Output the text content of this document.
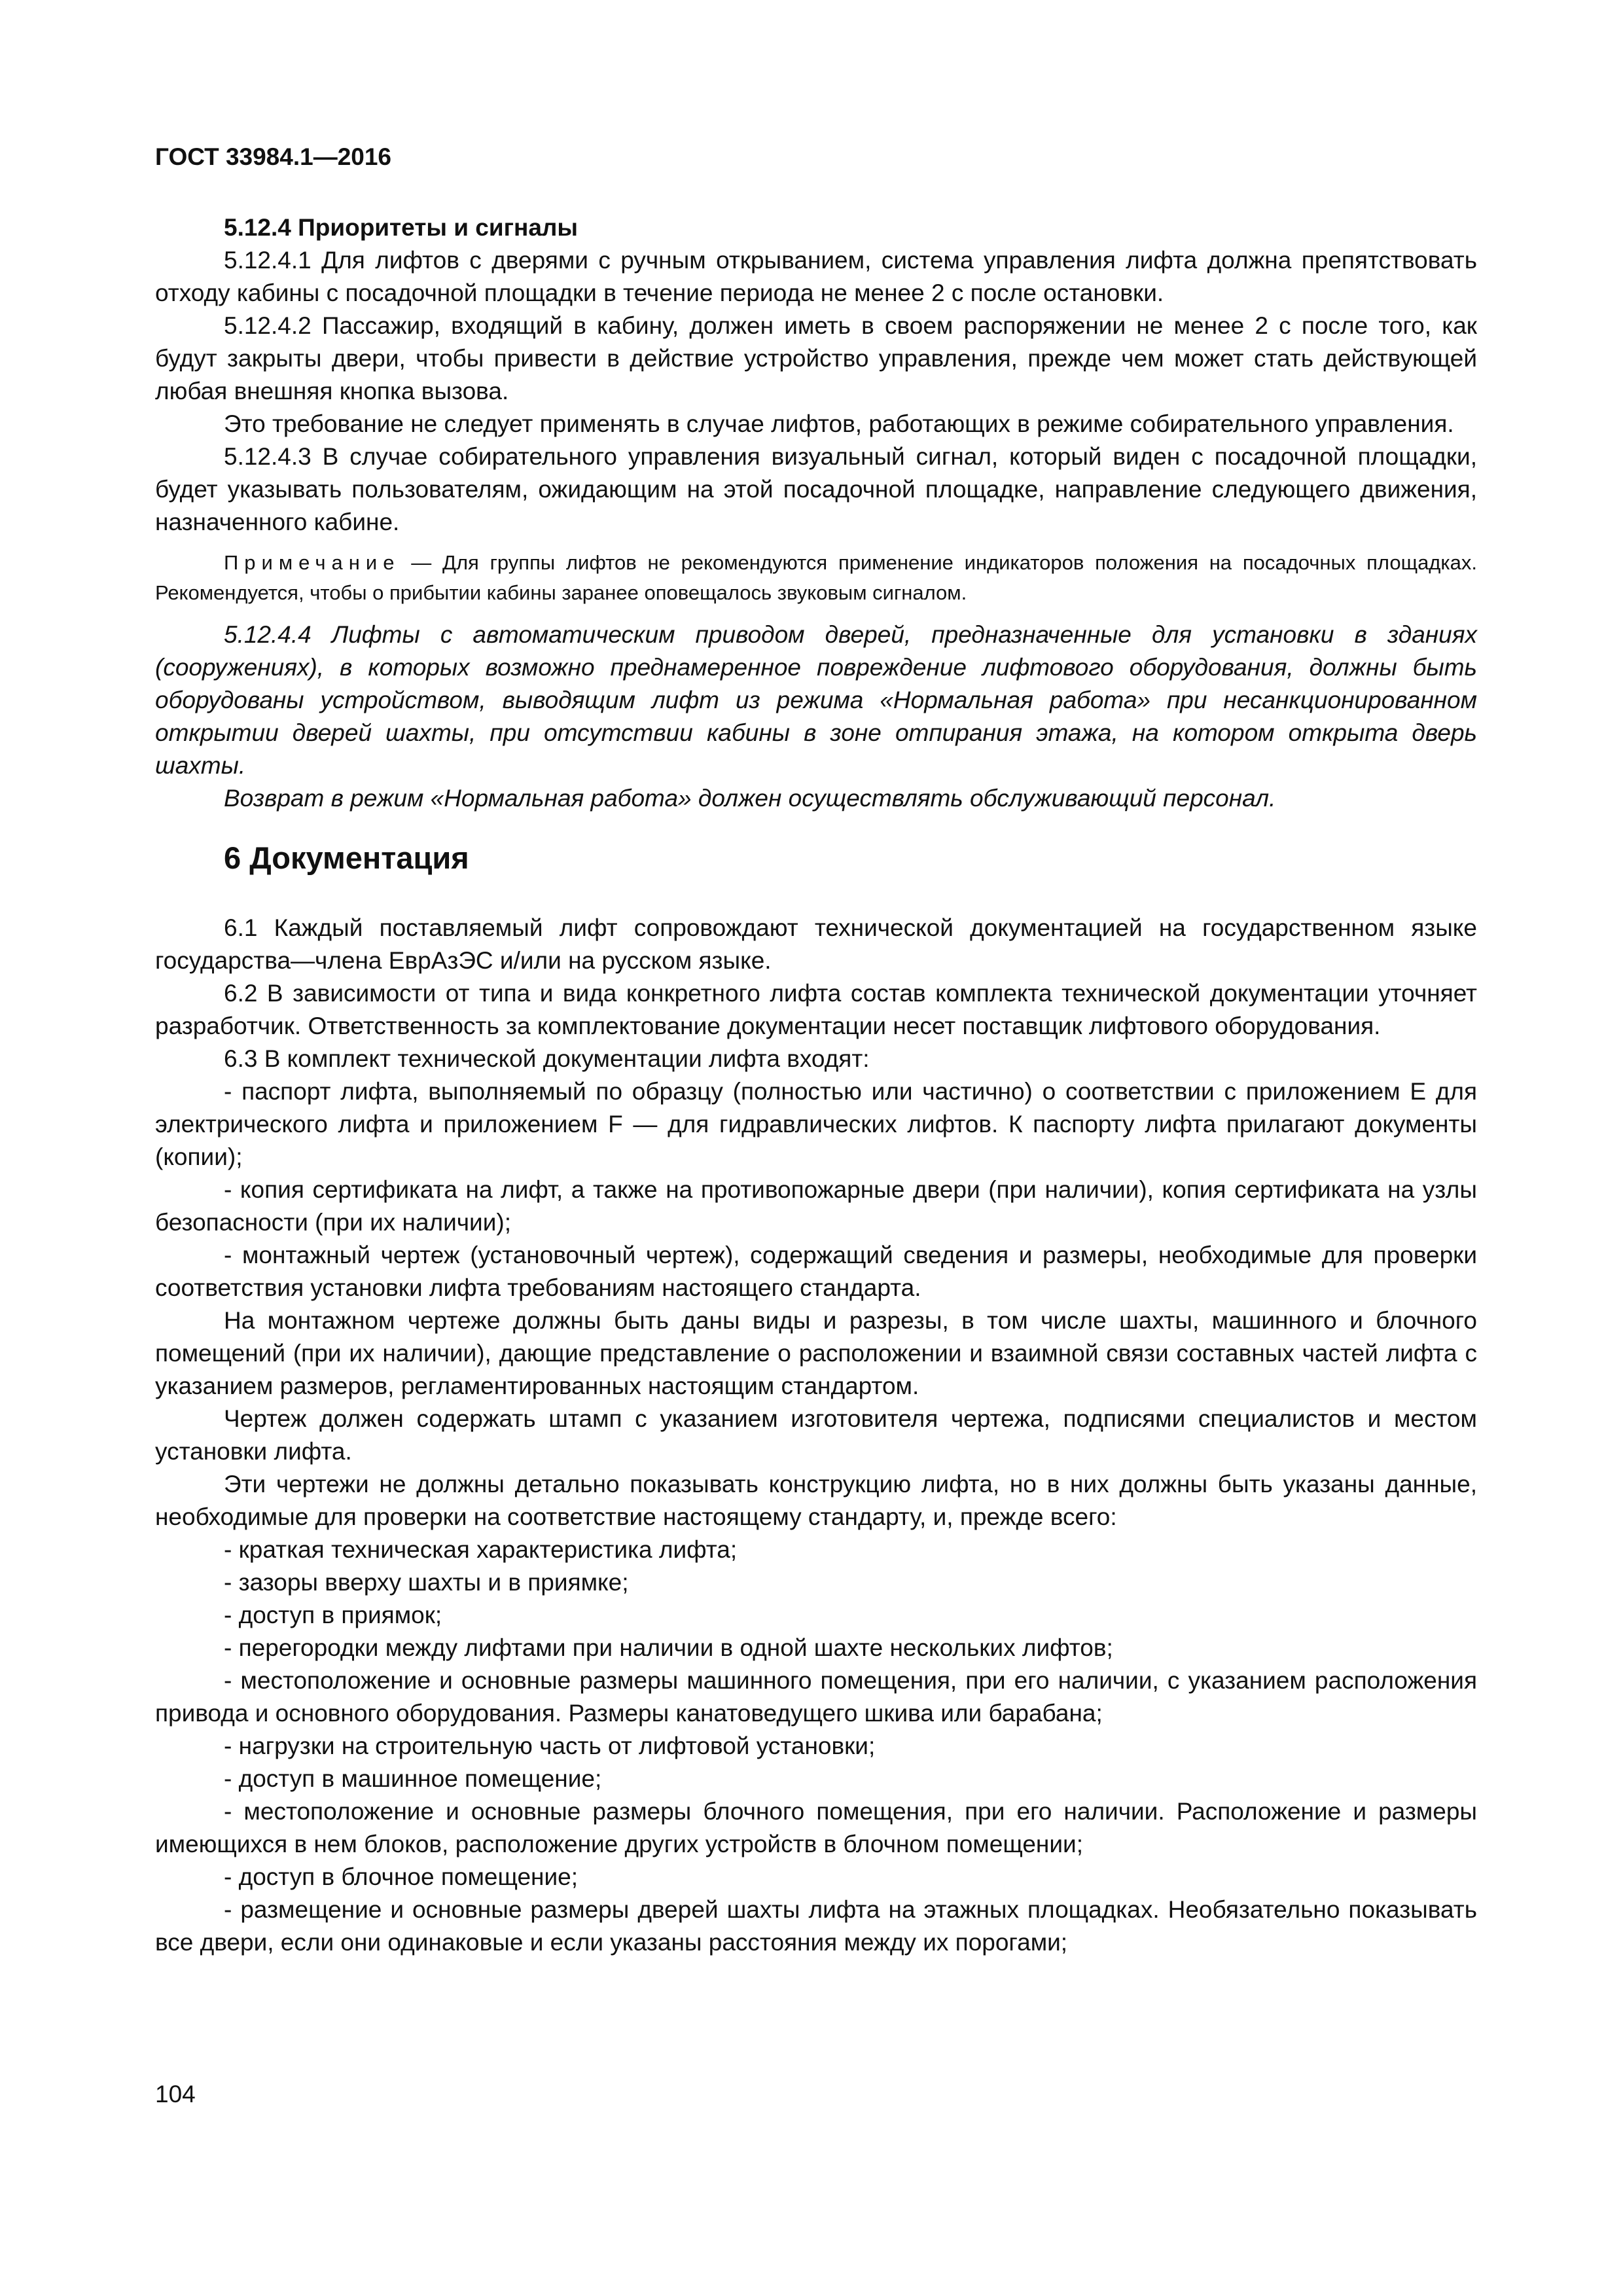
ГОСТ 33984.1—2016
5.12.4 Приоритеты и сигналы

5.12.4.1 Для лифтов с дверями с ручным открыванием, система управления лифта должна препятствовать отходу кабины с посадочной площадки в течение периода не менее 2 с после остановки.

5.12.4.2 Пассажир, входящий в кабину, должен иметь в своем распоряжении не менее 2 с после того, как будут закрыты двери, чтобы привести в действие устройство управления, прежде чем может стать действующей любая внешняя кнопка вызова.

Это требование не следует применять в случае лифтов, работающих в режиме собирательного управления.

5.12.4.3 В случае собирательного управления визуальный сигнал, который виден с посадочной площадки, будет указывать пользователям, ожидающим на этой посадочной площадке, направление следующего движения, назначенного кабине.

Примечание — Для группы лифтов не рекомендуются применение индикаторов положения на посадочных площадках. Рекомендуется, чтобы о прибытии кабины заранее оповещалось звуковым сигналом.

5.12.4.4 Лифты с автоматическим приводом дверей, предназначенные для установки в зданиях (сооружениях), в которых возможно преднамеренное повреждение лифтового оборудования, должны быть оборудованы устройством, выводящим лифт из режима «Нормальная работа» при несанкционированном открытии дверей шахты, при отсутствии кабины в зоне отпирания этажа, на котором открыта дверь шахты.

Возврат в режим «Нормальная работа» должен осуществлять обслуживающий персонал.

6 Документация

6.1 Каждый поставляемый лифт сопровождают технической документацией на государственном языке государства—члена ЕврАзЭС и/или на русском языке.

6.2 В зависимости от типа и вида конкретного лифта состав комплекта технической документации уточняет разработчик. Ответственность за комплектование документации несет поставщик лифтового оборудования.

6.3 В комплект технической документации лифта входят:

- паспорт лифта, выполняемый по образцу (полностью или частично) о соответствии с приложением Е для электрического лифта и приложением F — для гидравлических лифтов. К паспорту лифта прилагают документы (копии);

- копия сертификата на лифт, а также на противопожарные двери (при наличии), копия сертификата на узлы безопасности (при их наличии);

- монтажный чертеж (установочный чертеж), содержащий сведения и размеры, необходимые для проверки соответствия установки лифта требованиям настоящего стандарта.

На монтажном чертеже должны быть даны виды и разрезы, в том числе шахты, машинного и блочного помещений (при их наличии), дающие представление о расположении и взаимной связи составных частей лифта с указанием размеров, регламентированных настоящим стандартом.

Чертеж должен содержать штамп с указанием изготовителя чертежа, подписями специалистов и местом установки лифта.

Эти чертежи не должны детально показывать конструкцию лифта, но в них должны быть указаны данные, необходимые для проверки на соответствие настоящему стандарту, и, прежде всего:

- краткая техническая характеристика лифта;

- зазоры вверху шахты и в приямке;

- доступ в приямок;

- перегородки между лифтами при наличии в одной шахте нескольких лифтов;

- местоположение и основные размеры машинного помещения, при его наличии, с указанием расположения привода и основного оборудования. Размеры канатоведущего шкива или барабана;

- нагрузки на строительную часть от лифтовой установки;

- доступ в машинное помещение;

- местоположение и основные размеры блочного помещения, при его наличии. Расположение и размеры имеющихся в нем блоков, расположение других устройств в блочном помещении;

- доступ в блочное помещение;

- размещение и основные размеры дверей шахты лифта на этажных площадках. Необязательно показывать все двери, если они одинаковые и если указаны расстояния между их порогами;

104
